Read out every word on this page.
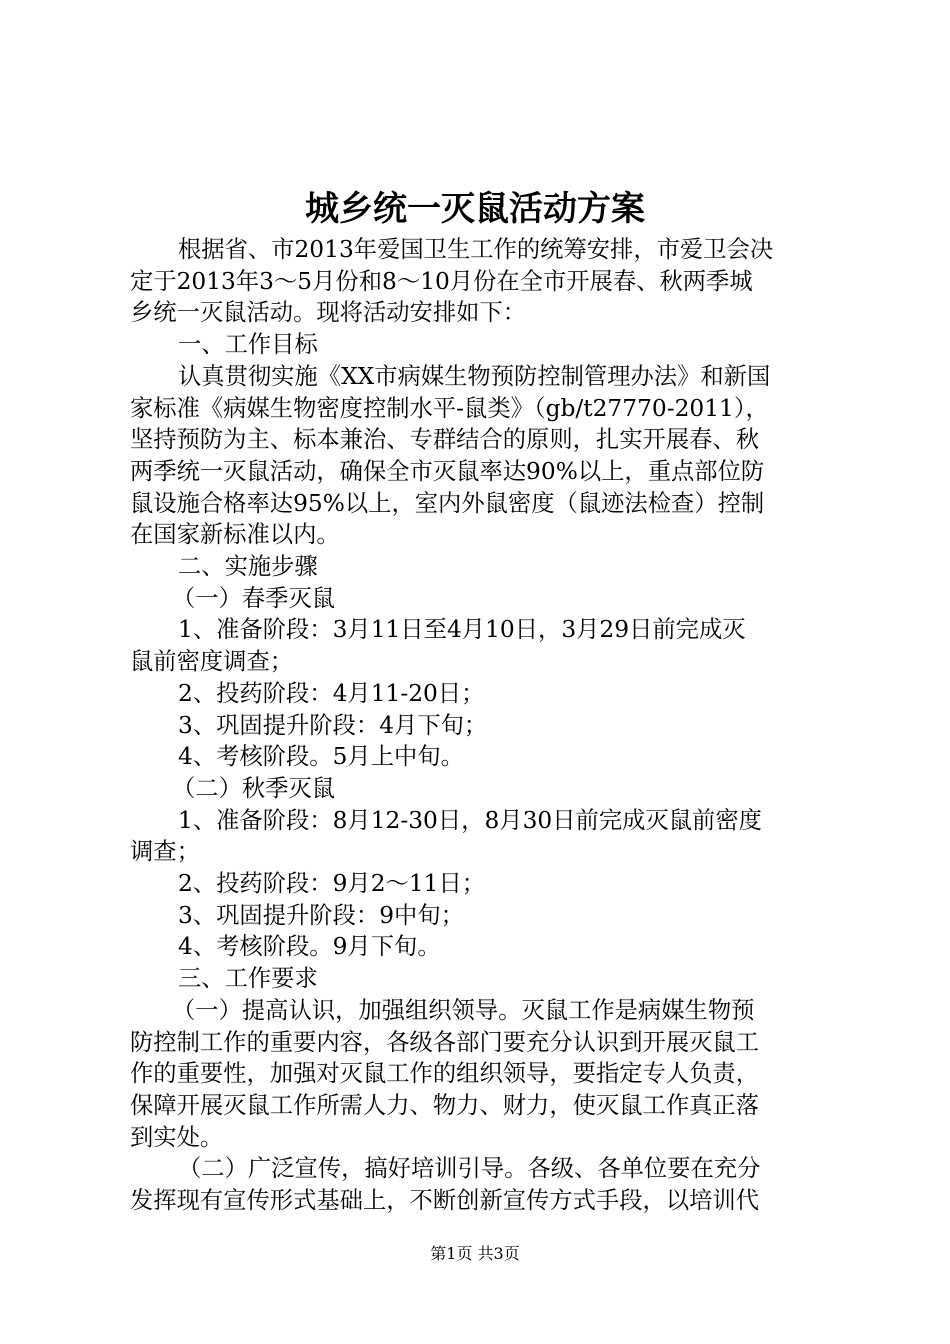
城乡统一灭鼠活动方案

根据省、市2013年爱国卫生工作的统筹安排，市爱卫会决

定于2013年3～5月份和8～10月份在全市开展春、秋两季城

乡统一灭鼠活动。现将活动安排如下：

一、工作目标

认真贯彻实施《XX市病媒生物预防控制管理办法》和新国

家标准《病媒生物密度控制水平-鼠类》（gb/t27770-2011），

坚持预防为主、标本兼治、专群结合的原则，扎实开展春、秋

两季统一灭鼠活动，确保全市灭鼠率达90%以上，重点部位防

鼠设施合格率达95%以上，室内外鼠密度（鼠迹法检查）控制

在国家新标准以内。

二、实施步骤

（一）春季灭鼠

1、准备阶段：3月11日至4月10日，3月29日前完成灭

鼠前密度调查；

2、投药阶段：4月11-20日；

3、巩固提升阶段：4月下旬；

4、考核阶段。5月上中旬。

（二）秋季灭鼠

1、准备阶段：8月12-30日，8月30日前完成灭鼠前密度

调查；

2、投药阶段：9月2～11日；

3、巩固提升阶段：9中旬；

4、考核阶段。9月下旬。

三、工作要求

（一）提高认识，加强组织领导。灭鼠工作是病媒生物预

防控制工作的重要内容，各级各部门要充分认识到开展灭鼠工

作的重要性，加强对灭鼠工作的组织领导，要指定专人负责，

保障开展灭鼠工作所需人力、物力、财力，使灭鼠工作真正落

到实处。

（二）广泛宣传，搞好培训引导。各级、各单位要在充分

发挥现有宣传形式基础上，不断创新宣传方式手段，以培训代

第1页 共3页
